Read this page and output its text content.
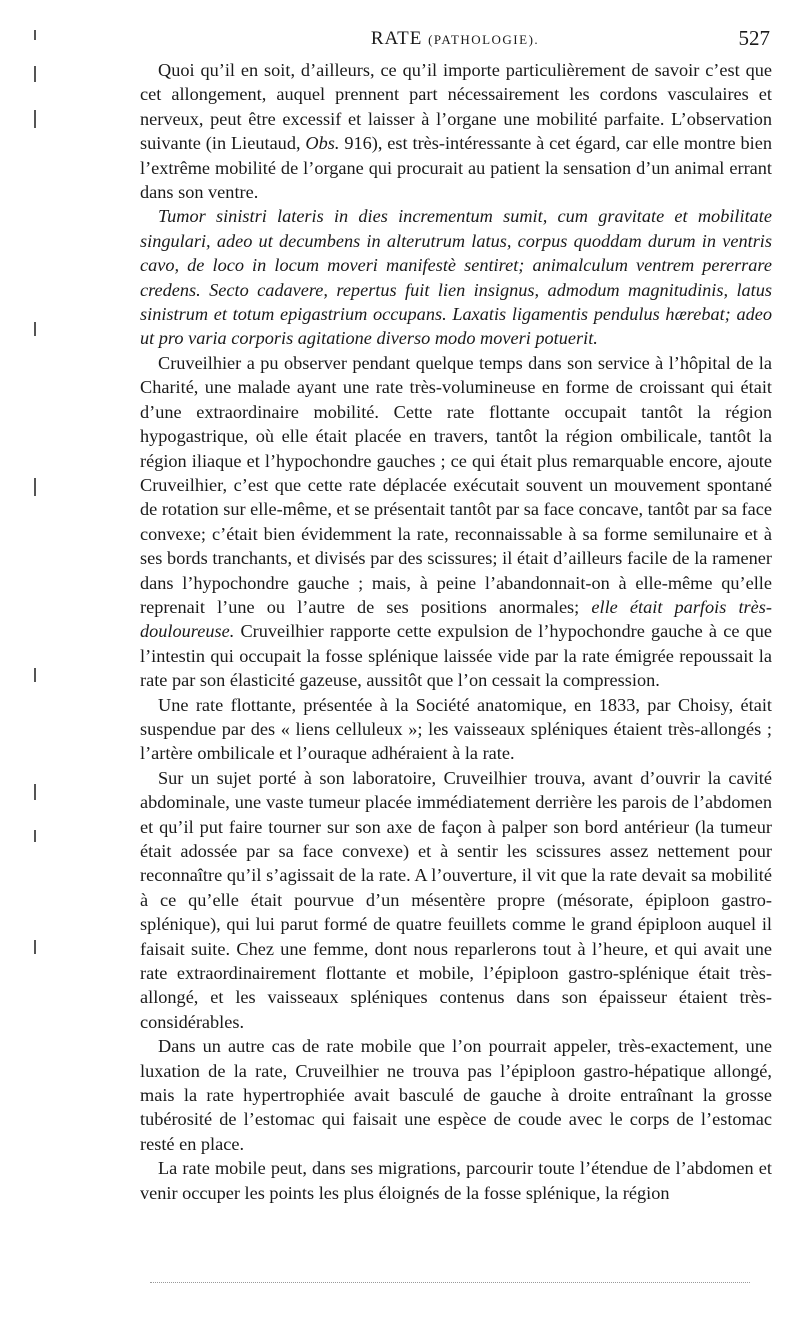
RATE (PATHOLOGIE).	527

Quoi qu’il en soit, d’ailleurs, ce qu’il importe particulièrement de savoir c’est que cet allongement, auquel prennent part nécessairement les cordons vasculaires et nerveux, peut être excessif et laisser à l’organe une mobilité parfaite. L’observation suivante (in Lieutaud, Obs. 916), est très-intéressante à cet égard, car elle montre bien l’extrême mobilité de l’organe qui procurait au patient la sensation d’un animal errant dans son ventre.

Tumor sinistri lateris in dies incrementum sumit, cum gravitate et mobilitate singulari, adeo ut decumbens in alterutrum latus, corpus quoddam durum in ventris cavo, de loco in locum moveri manifestè sentiret; animalculum ventrem pererrare credens. Secto cadavere, repertus fuit lien insignus, admodum magnitudinis, latus sinistrum et totum epigastrium occupans. Laxatis ligamentis pendulus hærebat; adeo ut pro varia corporis agitatione diverso modo moveri potuerit.

Cruveilhier a pu observer pendant quelque temps dans son service à l’hôpital de la Charité, une malade ayant une rate très-volumineuse en forme de croissant qui était d’une extraordinaire mobilité. Cette rate flottante occupait tantôt la région hypogastrique, où elle était placée en travers, tantôt la région ombilicale, tantôt la région iliaque et l’hypochondre gauches ; ce qui était plus remarquable encore, ajoute Cruveilhier, c’est que cette rate déplacée exécutait souvent un mouvement spontané de rotation sur elle-même, et se présentait tantôt par sa face concave, tantôt par sa face convexe; c’était bien évidemment la rate, reconnaissable à sa forme semilunaire et à ses bords tranchants, et divisés par des scissures; il était d’ailleurs facile de la ramener dans l’hypochondre gauche ; mais, à peine l’abandonnait-on à elle-même qu’elle reprenait l’une ou l’autre de ses positions anormales; elle était parfois très-douloureuse. Cruveilhier rapporte cette expulsion de l’hypochondre gauche à ce que l’intestin qui occupait la fosse splénique laissée vide par la rate émigrée repoussait la rate par son élasticité gazeuse, aussitôt que l’on cessait la compression.

Une rate flottante, présentée à la Société anatomique, en 1833, par Choisy, était suspendue par des « liens celluleux »; les vaisseaux spléniques étaient très-allongés ; l’artère ombilicale et l’ouraque adhéraient à la rate.

Sur un sujet porté à son laboratoire, Cruveilhier trouva, avant d’ouvrir la cavité abdominale, une vaste tumeur placée immédiatement derrière les parois de l’abdomen et qu’il put faire tourner sur son axe de façon à palper son bord antérieur (la tumeur était adossée par sa face convexe) et à sentir les scissures assez nettement pour reconnaître qu’il s’agissait de la rate. A l’ouverture, il vit que la rate devait sa mobilité à ce qu’elle était pourvue d’un mésentère propre (mésorate, épiploon gastro-splénique), qui lui parut formé de quatre feuillets comme le grand épiploon auquel il faisait suite. Chez une femme, dont nous reparlerons tout à l’heure, et qui avait une rate extraordinairement flottante et mobile, l’épiploon gastro-splénique était très-allongé, et les vaisseaux spléniques contenus dans son épaisseur étaient très-considérables.

Dans un autre cas de rate mobile que l’on pourrait appeler, très-exactement, une luxation de la rate, Cruveilhier ne trouva pas l’épiploon gastro-hépatique allongé, mais la rate hypertrophiée avait basculé de gauche à droite entraînant la grosse tubérosité de l’estomac qui faisait une espèce de coude avec le corps de l’estomac resté en place.

La rate mobile peut, dans ses migrations, parcourir toute l’étendue de l’abdomen et venir occuper les points les plus éloignés de la fosse splénique, la région
